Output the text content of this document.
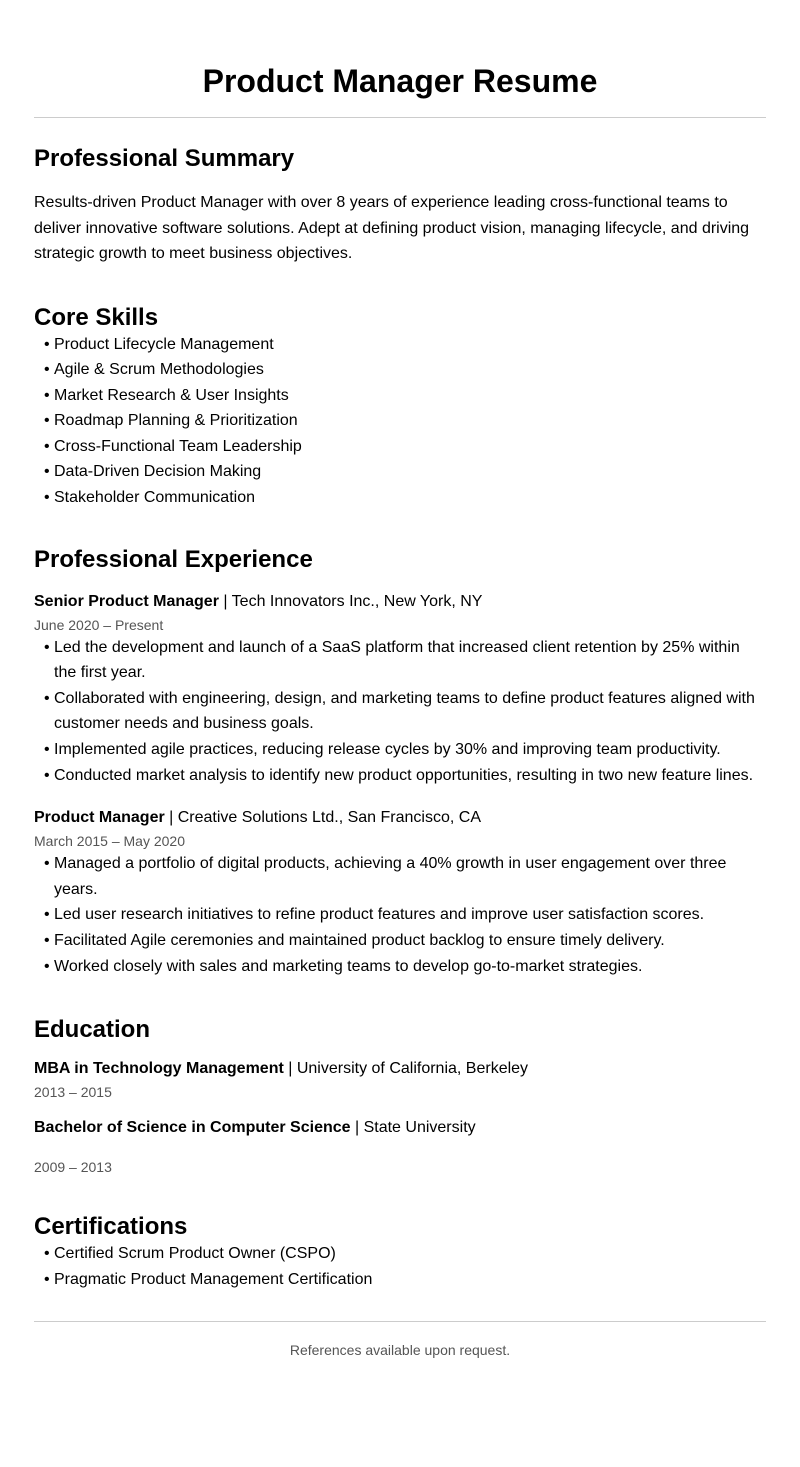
Product Manager Resume
Professional Summary

Results-driven Product Manager with over 8 years of experience leading cross-functional teams to deliver innovative software solutions. Adept at defining product vision, managing lifecycle, and driving strategic growth to meet business objectives.

Core Skills
• Product Lifecycle Management
• Agile & Scrum Methodologies
• Market Research & User Insights
• Roadmap Planning & Prioritization
• Cross-Functional Team Leadership
• Data-Driven Decision Making
• Stakeholder Communication
Professional Experience
Senior Product Manager | Tech Innovators Inc., New York, NY
June 2020 – Present
• Led the development and launch of a SaaS platform that increased client retention by 25% within the first year.
• Collaborated with engineering, design, and marketing teams to define product features aligned with customer needs and business goals.
• Implemented agile practices, reducing release cycles by 30% and improving team productivity.
• Conducted market analysis to identify new product opportunities, resulting in two new feature lines.
Product Manager | Creative Solutions Ltd., San Francisco, CA
March 2015 – May 2020
• Managed a portfolio of digital products, achieving a 40% growth in user engagement over three years.
• Led user research initiatives to refine product features and improve user satisfaction scores.
• Facilitated Agile ceremonies and maintained product backlog to ensure timely delivery.
• Worked closely with sales and marketing teams to develop go-to-market strategies.
Education
MBA in Technology Management | University of California, Berkeley
2013 – 2015
Bachelor of Science in Computer Science | State University
2009 – 2013
Certifications
• Certified Scrum Product Owner (CSPO)
• Pragmatic Product Management Certification
References available upon request.
